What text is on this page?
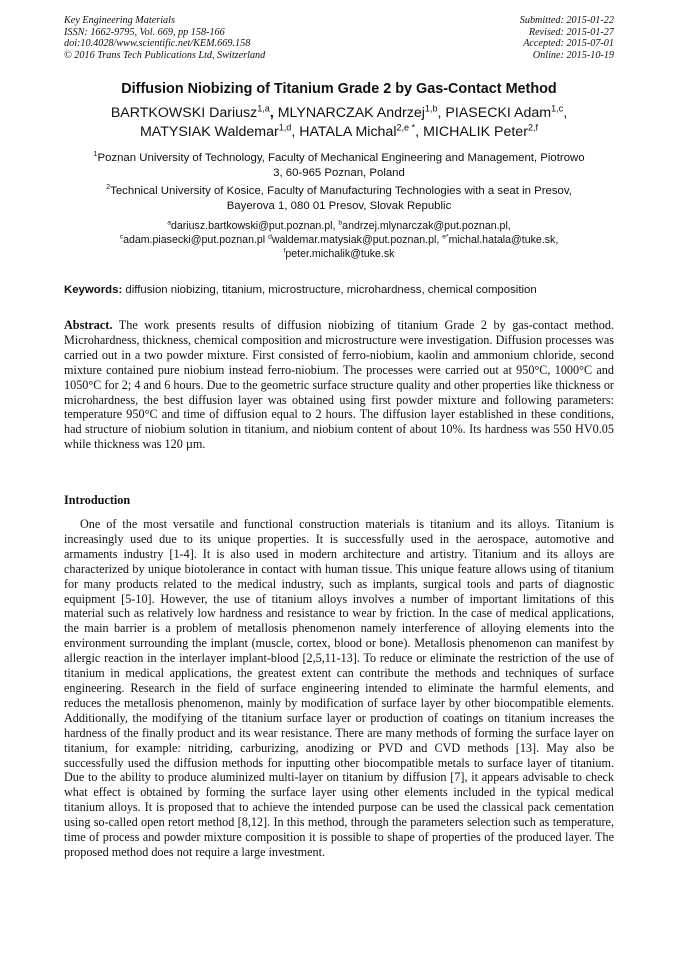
Key Engineering Materials
ISSN: 1662-9795, Vol. 669, pp 158-166
doi:10.4028/www.scientific.net/KEM.669.158
© 2016 Trans Tech Publications Ltd, Switzerland
Submitted: 2015-01-22
Revised: 2015-01-27
Accepted: 2015-07-01
Online: 2015-10-19
Diffusion Niobizing of Titanium Grade 2 by Gas-Contact Method
BARTKOWSKI Dariusz$^{1,a}$, MLYNARCZAK Andrzej$^{1,b}$, PIASECKI Adam$^{1,c}$,
MATYSIAK Waldemar$^{1,d}$, HATALA Michal$^{2,e *}$, MICHALIK Peter$^{2,f}$
$^1$Poznan University of Technology, Faculty of Mechanical Engineering and Management, Piotrowo
3, 60-965 Poznan, Poland
$^2$Technical University of Kosice, Faculty of Manufacturing Technologies with a seat in Presov,
Bayerova 1, 080 01 Presov, Slovak Republic
$^a$dariusz.bartkowski@put.poznan.pl, $^b$andrzej.mlynarczak@put.poznan.pl,
$^c$adam.piasecki@put.poznan.pl $^d$waldemar.matysiak@put.poznan.pl, $^{e*}$michal.hatala@tuke.sk,
$^f$peter.michalik@tuke.sk
Keywords: diffusion niobizing, titanium, microstructure, microhardness, chemical composition
Abstract. The work presents results of diffusion niobizing of titanium Grade 2 by gas-contact method. Microhardness, thickness, chemical composition and microstructure were investigation. Diffusion processes was carried out in a two powder mixture. First consisted of ferro-niobium, kaolin and ammonium chloride, second mixture contained pure niobium instead ferro-niobium. The processes were carried out at 950°C, 1000°C and 1050°C for 2; 4 and 6 hours. Due to the geometric surface structure quality and other properties like thickness or microhardness, the best diffusion layer was obtained using first powder mixture and following parameters: temperature 950°C and time of diffusion equal to 2 hours. The diffusion layer established in these conditions, had structure of niobium solution in titanium, and niobium content of about 10%. Its hardness was 550 HV0.05 while thickness was 120 µm.
Introduction

One of the most versatile and functional construction materials is titanium and its alloys. Titanium is increasingly used due to its unique properties. It is successfully used in the aerospace, automotive and armaments industry [1-4]. It is also used in modern architecture and artistry. Titanium and its alloys are characterized by unique biotolerance in contact with human tissue. This unique feature allows using of titanium for many products related to the medical industry, such as implants, surgical tools and parts of diagnostic equipment [5-10]. However, the use of titanium alloys involves a number of important limitations of this material such as relatively low hardness and resistance to wear by friction. In the case of medical applications, the main barrier is a problem of metallosis phenomenon namely interference of alloying elements into the environment surrounding the implant (muscle, cortex, blood or bone). Metallosis phenomenon can manifest by allergic reaction in the interlayer implant-blood [2,5,11-13]. To reduce or eliminate the restriction of the use of titanium in medical applications, the greatest extent can contribute the methods and techniques of surface engineering. Research in the field of surface engineering intended to eliminate the harmful elements, and reduces the metallosis phenomenon, mainly by modification of surface layer by other biocompatible elements. Additionally, the modifying of the titanium surface layer or production of coatings on titanium increases the hardness of the finally product and its wear resistance. There are many methods of forming the surface layer on titanium, for example: nitriding, carburizing, anodizing or PVD and CVD methods [13]. May also be successfully used the diffusion methods for inputting other biocompatible metals to surface layer of titanium. Due to the ability to produce aluminized multi-layer on titanium by diffusion [7], it appears advisable to check what effect is obtained by forming the surface layer using other elements included in the typical medical titanium alloys. It is proposed that to achieve the intended purpose can be used the classical pack cementation using so-called open retort method [8,12]. In this method, through the parameters selection such as temperature, time of process and powder mixture composition it is possible to shape of properties of the produced layer. The proposed method does not require a large investment.
